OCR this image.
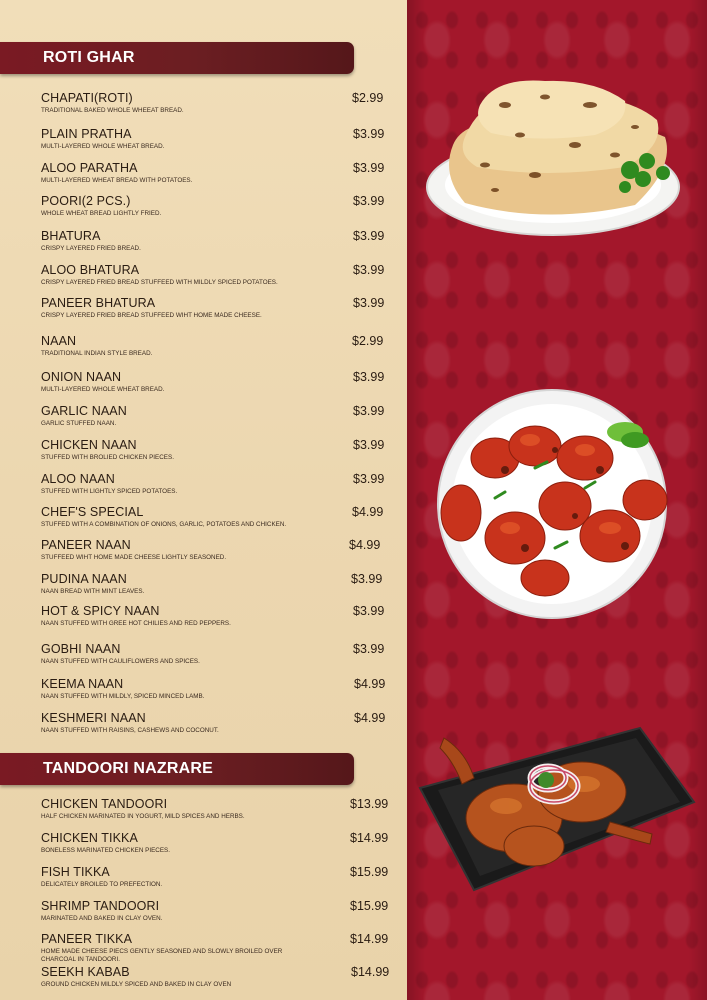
ROTI GHAR
CHAPATI(ROTI)
TRADITIONAL BAKED WHOLE WHEEAT BREAD.
$2.99
PLAIN PRATHA
MULTI-LAYERED WHOLE WHEAT BREAD.
$3.99
ALOO PARATHA
MULTI-LAYERED WHEAT BREAD WITH POTATOES.
$3.99
POORI(2 PCS.)
WHOLE WHEAT BREAD LIGHTLY FRIED.
$3.99
BHATURA
CRISPY LAYERED FRIED BREAD.
$3.99
ALOO BHATURA
CRISPY LAYERED FRIED BREAD STUFFEED WITH MILDLY SPICED POTATOES.
$3.99
PANEER BHATURA
CRISPY LAYERED FRIED BREAD STUFFEED WIHT HOME MADE CHEESE.
$3.99
NAAN
TRADITIONAL INDIAN STYLE BREAD.
$2.99
ONION NAAN
MULTI-LAYERED WHOLE WHEAT BREAD.
$3.99
GARLIC NAAN
GARLIC STUFFED NAAN.
$3.99
CHICKEN NAAN
STUFFED WITH BROLIED CHICKEN PIECES.
$3.99
ALOO NAAN
STUFFED WITH LIGHTLY SPICED POTATOES.
$3.99
CHEF'S SPECIAL
STUFFED WITH A COMBINATION OF ONIONS, GARLIC, POTATOES AND CHICKEN.
$4.99
PANEER NAAN
STUFFEED WIHT HOME MADE CHEESE LIGHTLY SEASONED.
$4.99
PUDINA NAAN
NAAN BREAD WITH MINT LEAVES.
$3.99
HOT & SPICY NAAN
NAAN STUFFED WITH GREE HOT CHILIES AND RED PEPPERS.
$3.99
GOBHI NAAN
NAAN STUFFED WITH CAULIFLOWERS AND SPICES.
$3.99
KEEMA NAAN
NAAN STUFFED WITH MILDLY, SPICED MINCED LAMB.
$4.99
KESHMERI NAAN
NAAN STUFFED WITH RAISINS, CASHEWS AND COCONUT.
$4.99
TANDOORI NAZRARE
CHICKEN TANDOORI
HALF CHICKEN MARINATED IN YOGURT, MILD SPICES AND HERBS.
$13.99
CHICKEN TIKKA
BONELESS MARINATED CHICKEN PIECES.
$14.99
FISH TIKKA
DELICATELY BROILED TO PREFECTION.
$15.99
SHRIMP TANDOORI
MARINATED AND BAKED IN CLAY OVEN.
$15.99
PANEER TIKKA
HOME MADE CHEESE PIECS GENTLY SEASONED AND SLOWLY BROILED OVER CHARCOAL IN TANDOORI.
$14.99
SEEKH KABAB
GROUND CHICKEN MILDLY SPICED AND BAKED IN CLAY OVEN
$14.99
